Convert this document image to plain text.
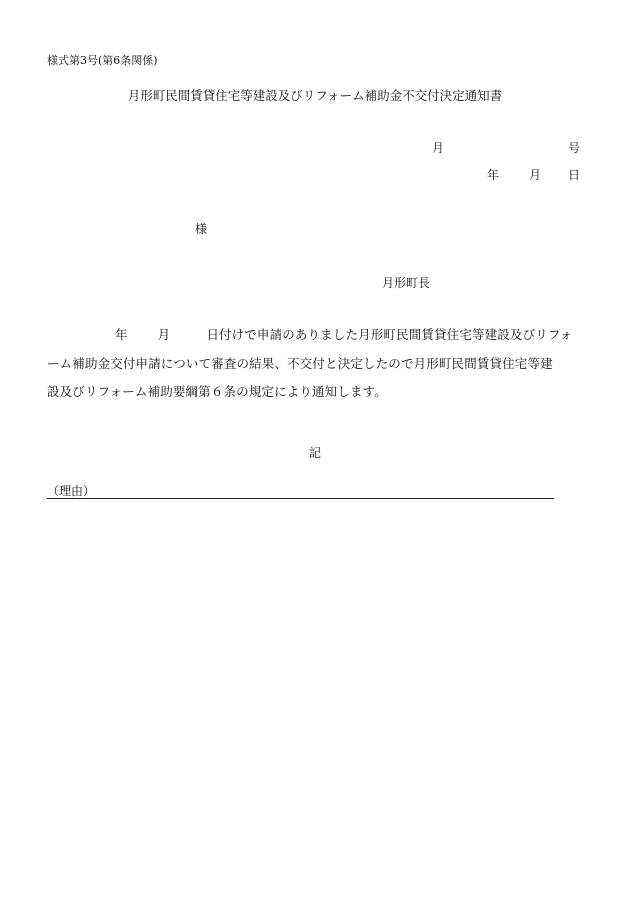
様式第3号(第6条関係)
月形町民間賃貸住宅等建設及びリフォーム補助金不交付決定通知書
月	号
年 月 日
様
月形町長
年 月	日付けで申請のありました月形町民間賃貸住宅等建設及びリフォ
ーム補助金交付申請について審査の結果、不交付と決定したので月形町民間賃貸住宅等建
設及びリフォーム補助要綱第６条の規定により通知します。
記
（理由）
